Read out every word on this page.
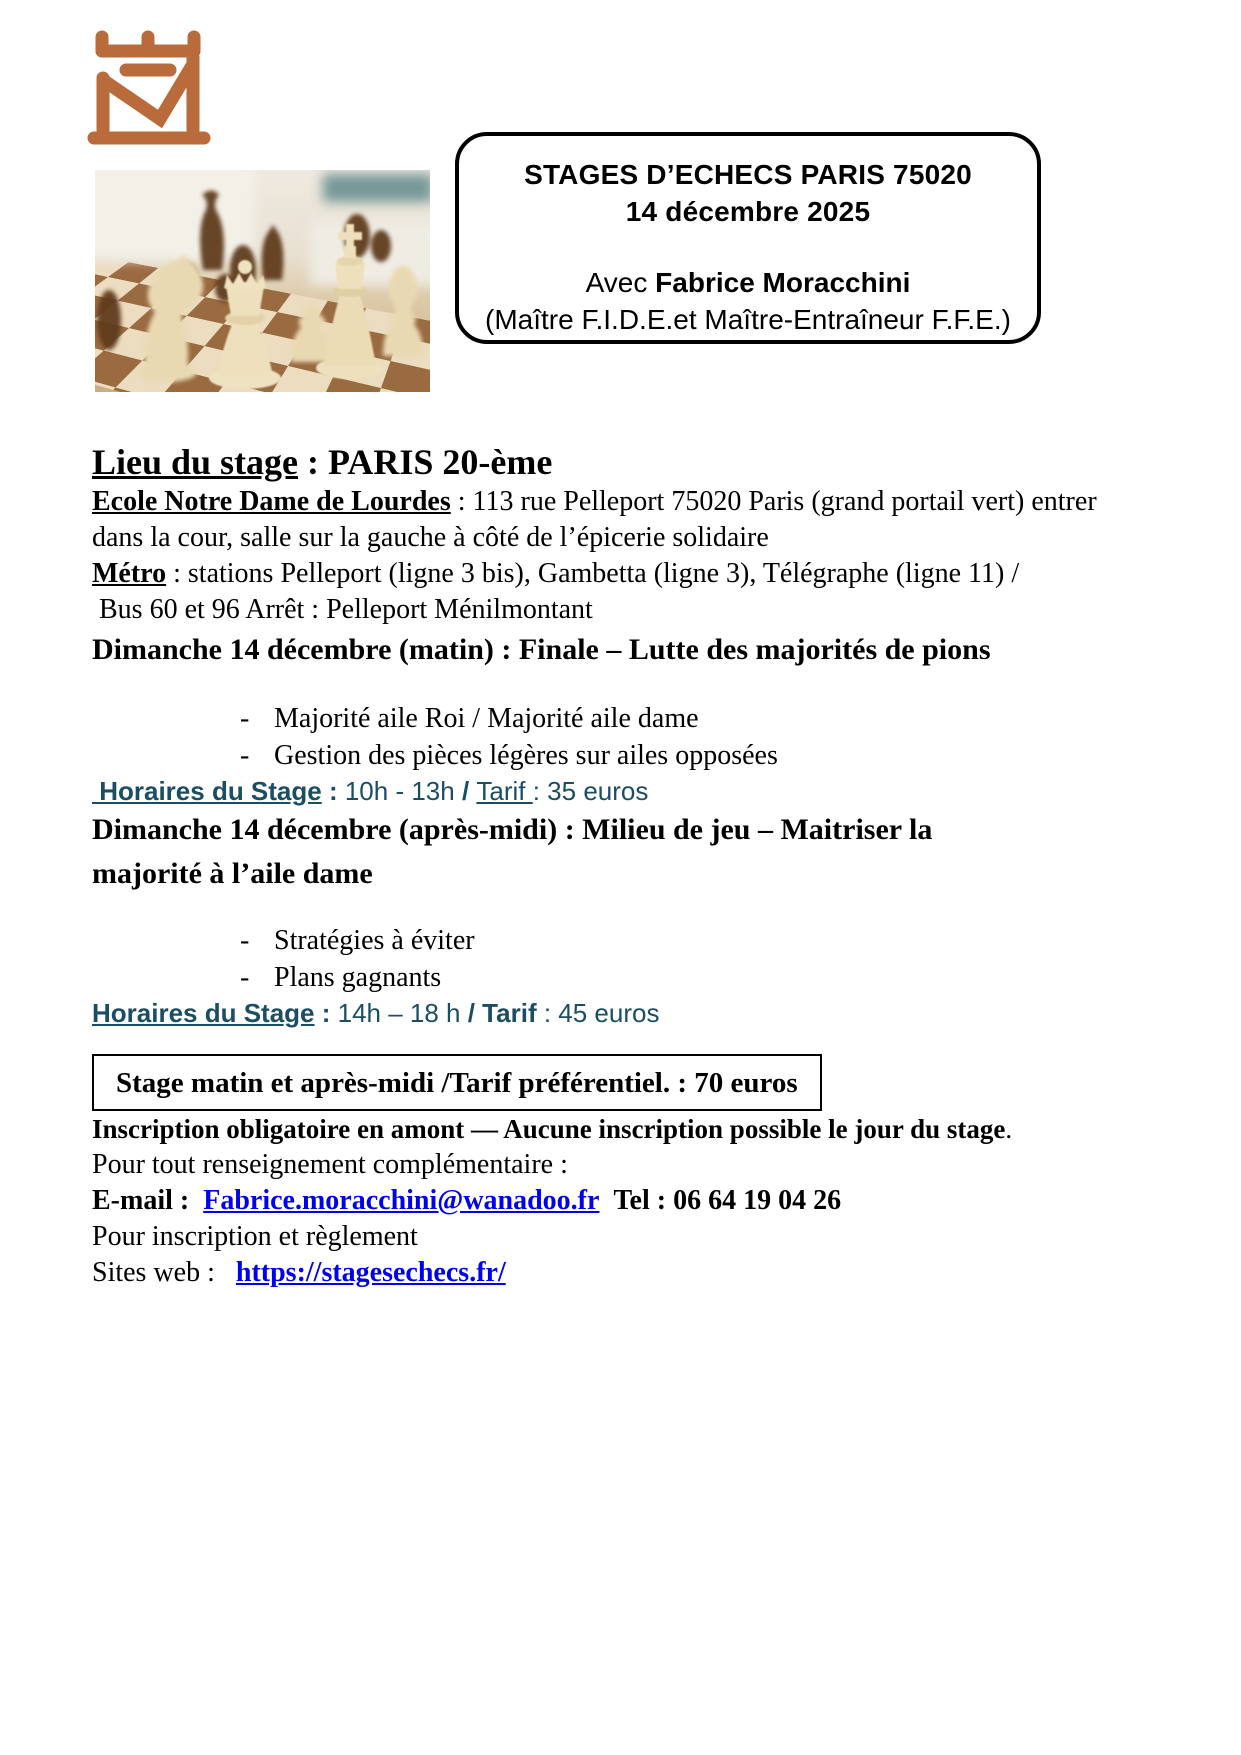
STAGES D’ECHECS PARIS 75020
14 décembre 2025
Avec Fabrice Moracchini
(Maître F.I.D.E.et Maître-Entraîneur F.F.E.)
Lieu du stage : PARIS 20-ème

Ecole Notre Dame de Lourdes : 113 rue Pelleport 75020 Paris (grand portail vert) entrer
dans la cour, salle sur la gauche à côté de l’épicerie solidaire

Métro : stations Pelleport (ligne 3 bis), Gambetta (ligne 3), Télégraphe (ligne 11) /
Bus 60 et 96 Arrêt : Pelleport Ménilmontant

Dimanche 14 décembre (matin) : Finale – Lutte des majorités de pions
- Majorité aile Roi / Majorité aile dame
- Gestion des pièces légères sur ailes opposées

Horaires du Stage : 10h - 13h / Tarif : 35 euros

Dimanche 14 décembre (après-midi) : Milieu de jeu – Maitriser la
majorité à l’aile dame
- Stratégies à éviter
- Plans gagnants

Horaires du Stage : 14h – 18 h / Tarif : 45 euros

Stage matin et après-midi /Tarif préférentiel. : 70 euros

Inscription obligatoire en amont — Aucune inscription possible le jour du stage.

Pour tout renseignement complémentaire :

E-mail :  Fabrice.moracchini@wanadoo.fr  Tel : 06 64 19 04 26

Pour inscription et règlement

Sites web :   https://stagesechecs.fr/
